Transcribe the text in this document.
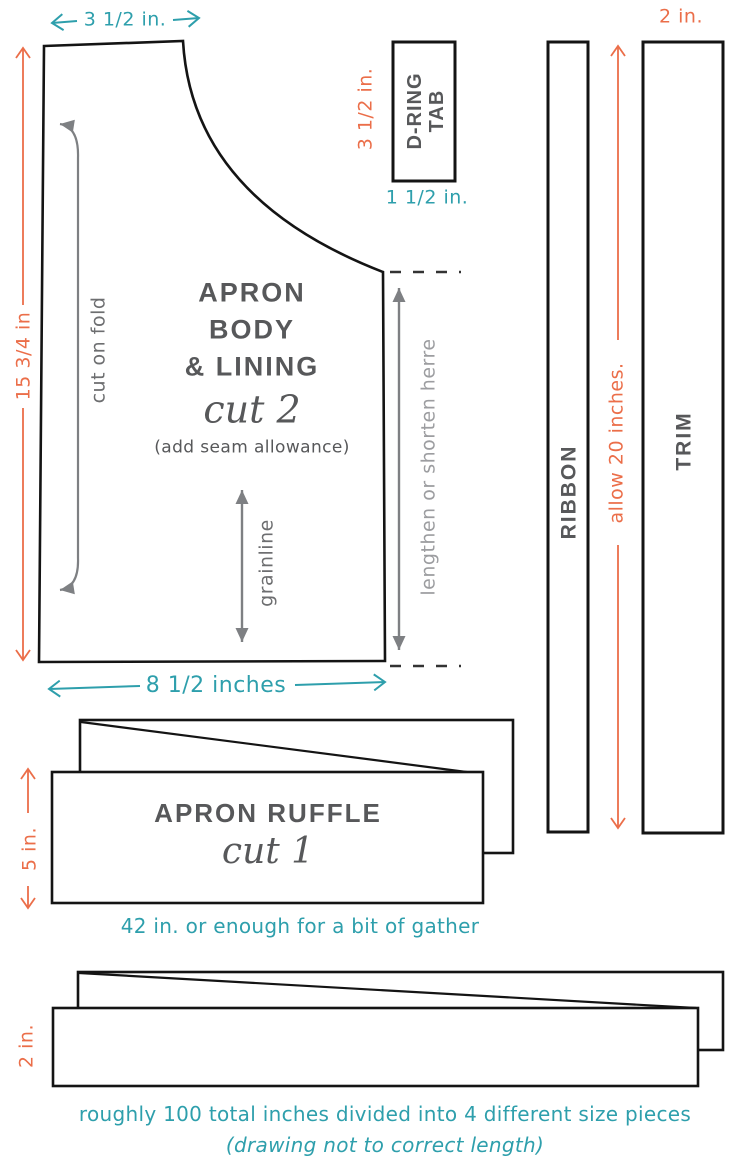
3 1/2 in.	2 in.
3 1/2 in. D-RING TAB
1 1/2 in.
15 3/4 in	cut on fold
APRON
BODY
& LINING
cut 2
(add seam allowance)
grainline	lengthen or shorten herre
8 1/2 inches
RIBBON allow 20 inches. TRIM
5 in.
APRON RUFFLE
cut 1
42 in. or enough for a bit of gather
2 in.
roughly 100 total inches divided into 4 different size pieces
(drawing not to correct length)
